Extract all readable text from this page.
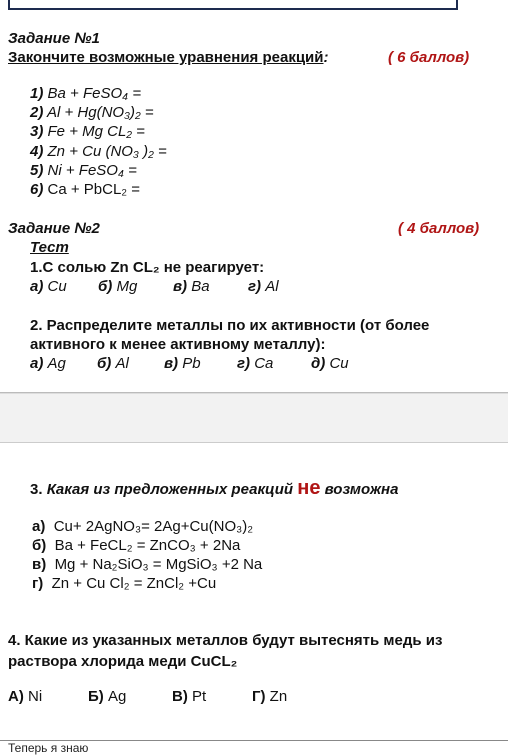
Задание №1
Закончите возможные уравнения реакций:	( 6 баллов)
1) Ba + FeSO₄ =
2) Al + Hg(NO₃)₂ =
3) Fe + Mg CL₂ =
4) Zn + Cu (NO₃ )₂ =
5) Ni + FeSO₄ =
6) Ca + PbCL₂ =
Задание №2	( 4 баллов)
Тест
1.С солью Zn CL₂ не реагирует:
а) Cu б) Mg в) Ba	г) Al
2. Распределите металлы по их активности (от более
активного к менее активному металлу):
а) Ag б) Al в) Pb г) Ca	д) Cu
3. Какая из предложенных реакций не возможна
а) Cu+ 2AgNO₃= 2Ag+Cu(NO₃)₂
б) Ba + FeCL₂ = ZnCO₃ + 2Na
в) Mg + Na₂SiO₃ = MgSiO₃ +2 Na
г)  Zn + Cu Cl₂ = ZnCl₂ +Cu
4. Какие из указанных металлов будут вытеснять медь из
раствора хлорида меди CuCL₂
А) Ni	Б) Ag	В) Pt	Г) Zn
Теперь я знаю
